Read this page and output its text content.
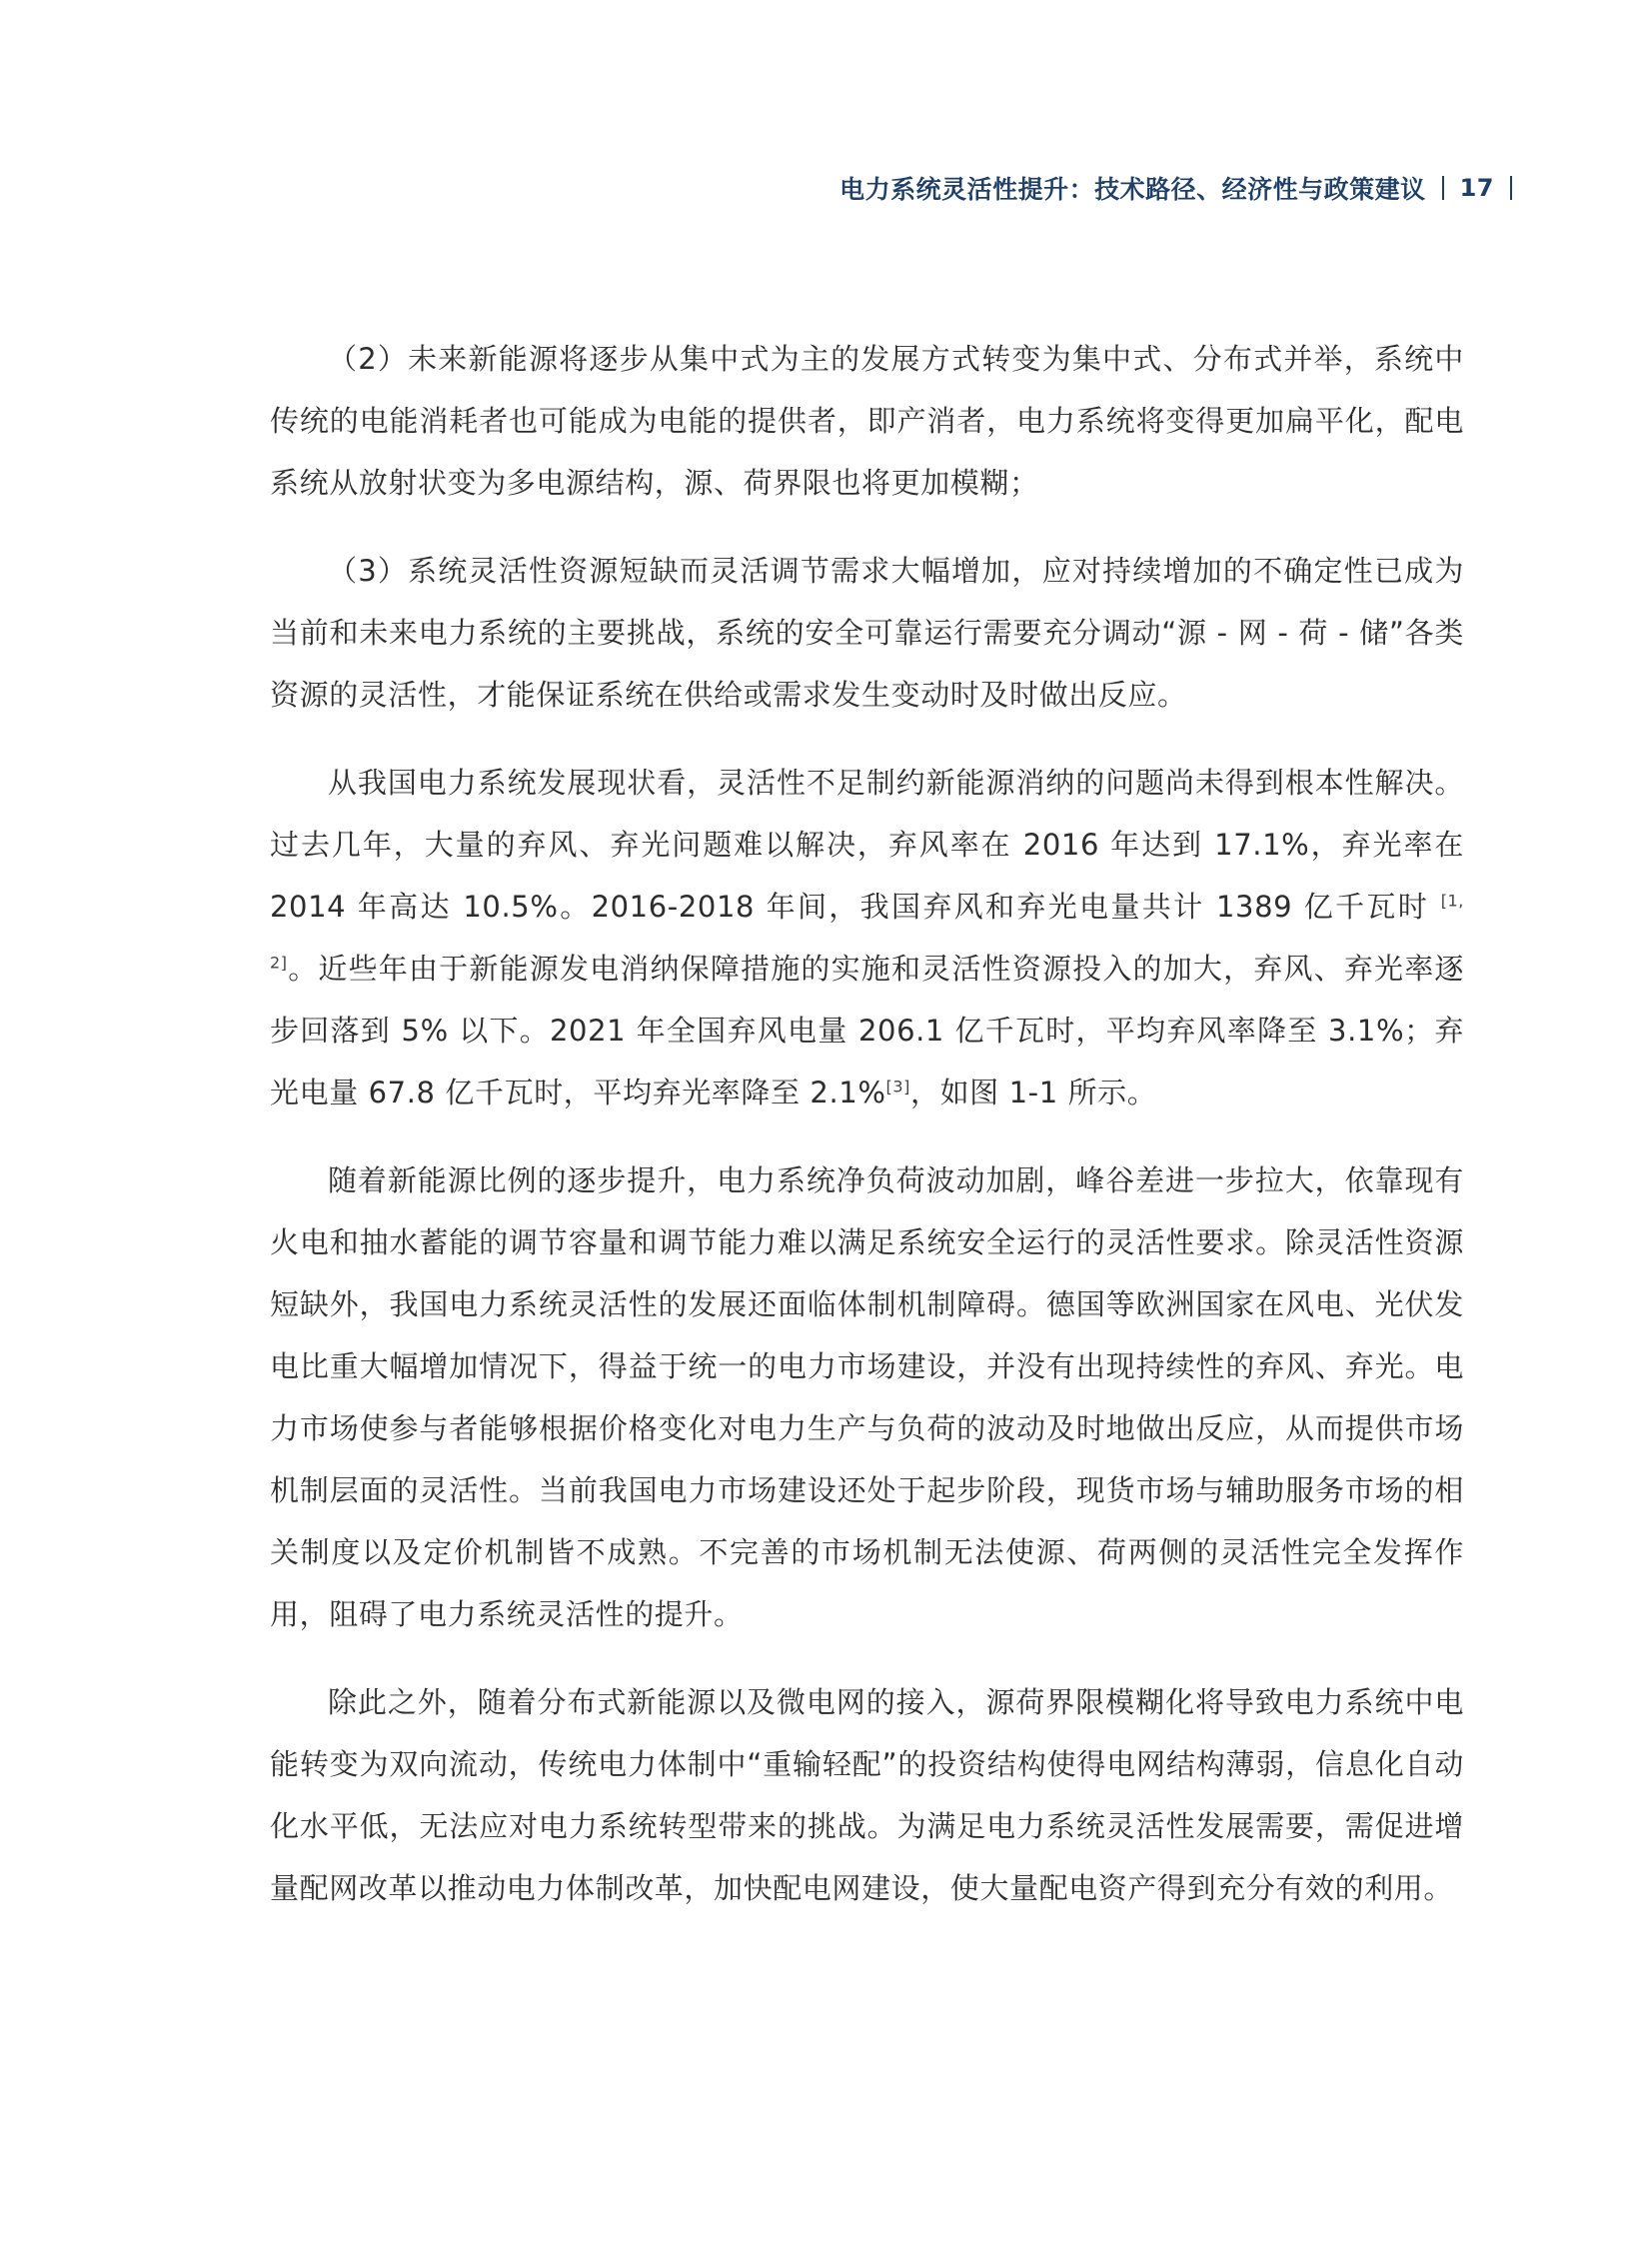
电力系统灵活性提升：技术路径、经济性与政策建议 17

（2）未来新能源将逐步从集中式为主的发展方式转变为集中式、分布式并举，系统中传统的电能消耗者也可能成为电能的提供者，即产消者，电力系统将变得更加扁平化，配电系统从放射状变为多电源结构，源、荷界限也将更加模糊；

（3）系统灵活性资源短缺而灵活调节需求大幅增加，应对持续增加的不确定性已成为当前和未来电力系统的主要挑战，系统的安全可靠运行需要充分调动“源 - 网 - 荷 - 储”各类资源的灵活性，才能保证系统在供给或需求发生变动时及时做出反应。

从我国电力系统发展现状看，灵活性不足制约新能源消纳的问题尚未得到根本性解决。过去几年，大量的弃风、弃光问题难以解决，弃风率在 2016 年达到 17.1%，弃光率在 2014 年高达 10.5%。2016-2018 年间，我国弃风和弃光电量共计 1389 亿千瓦时 [1, 2]。近些年由于新能源发电消纳保障措施的实施和灵活性资源投入的加大，弃风、弃光率逐步回落到 5% 以下。2021 年全国弃风电量 206.1 亿千瓦时，平均弃风率降至 3.1%；弃光电量 67.8 亿千瓦时，平均弃光率降至 2.1%[3]，如图 1-1 所示。

随着新能源比例的逐步提升，电力系统净负荷波动加剧，峰谷差进一步拉大，依靠现有火电和抽水蓄能的调节容量和调节能力难以满足系统安全运行的灵活性要求。除灵活性资源短缺外，我国电力系统灵活性的发展还面临体制机制障碍。德国等欧洲国家在风电、光伏发电比重大幅增加情况下，得益于统一的电力市场建设，并没有出现持续性的弃风、弃光。电力市场使参与者能够根据价格变化对电力生产与负荷的波动及时地做出反应，从而提供市场机制层面的灵活性。当前我国电力市场建设还处于起步阶段，现货市场与辅助服务市场的相关制度以及定价机制皆不成熟。不完善的市场机制无法使源、荷两侧的灵活性完全发挥作用，阻碍了电力系统灵活性的提升。

除此之外，随着分布式新能源以及微电网的接入，源荷界限模糊化将导致电力系统中电能转变为双向流动，传统电力体制中“重输轻配”的投资结构使得电网结构薄弱，信息化自动化水平低，无法应对电力系统转型带来的挑战。为满足电力系统灵活性发展需要，需促进增量配网改革以推动电力体制改革，加快配电网建设，使大量配电资产得到充分有效的利用。
